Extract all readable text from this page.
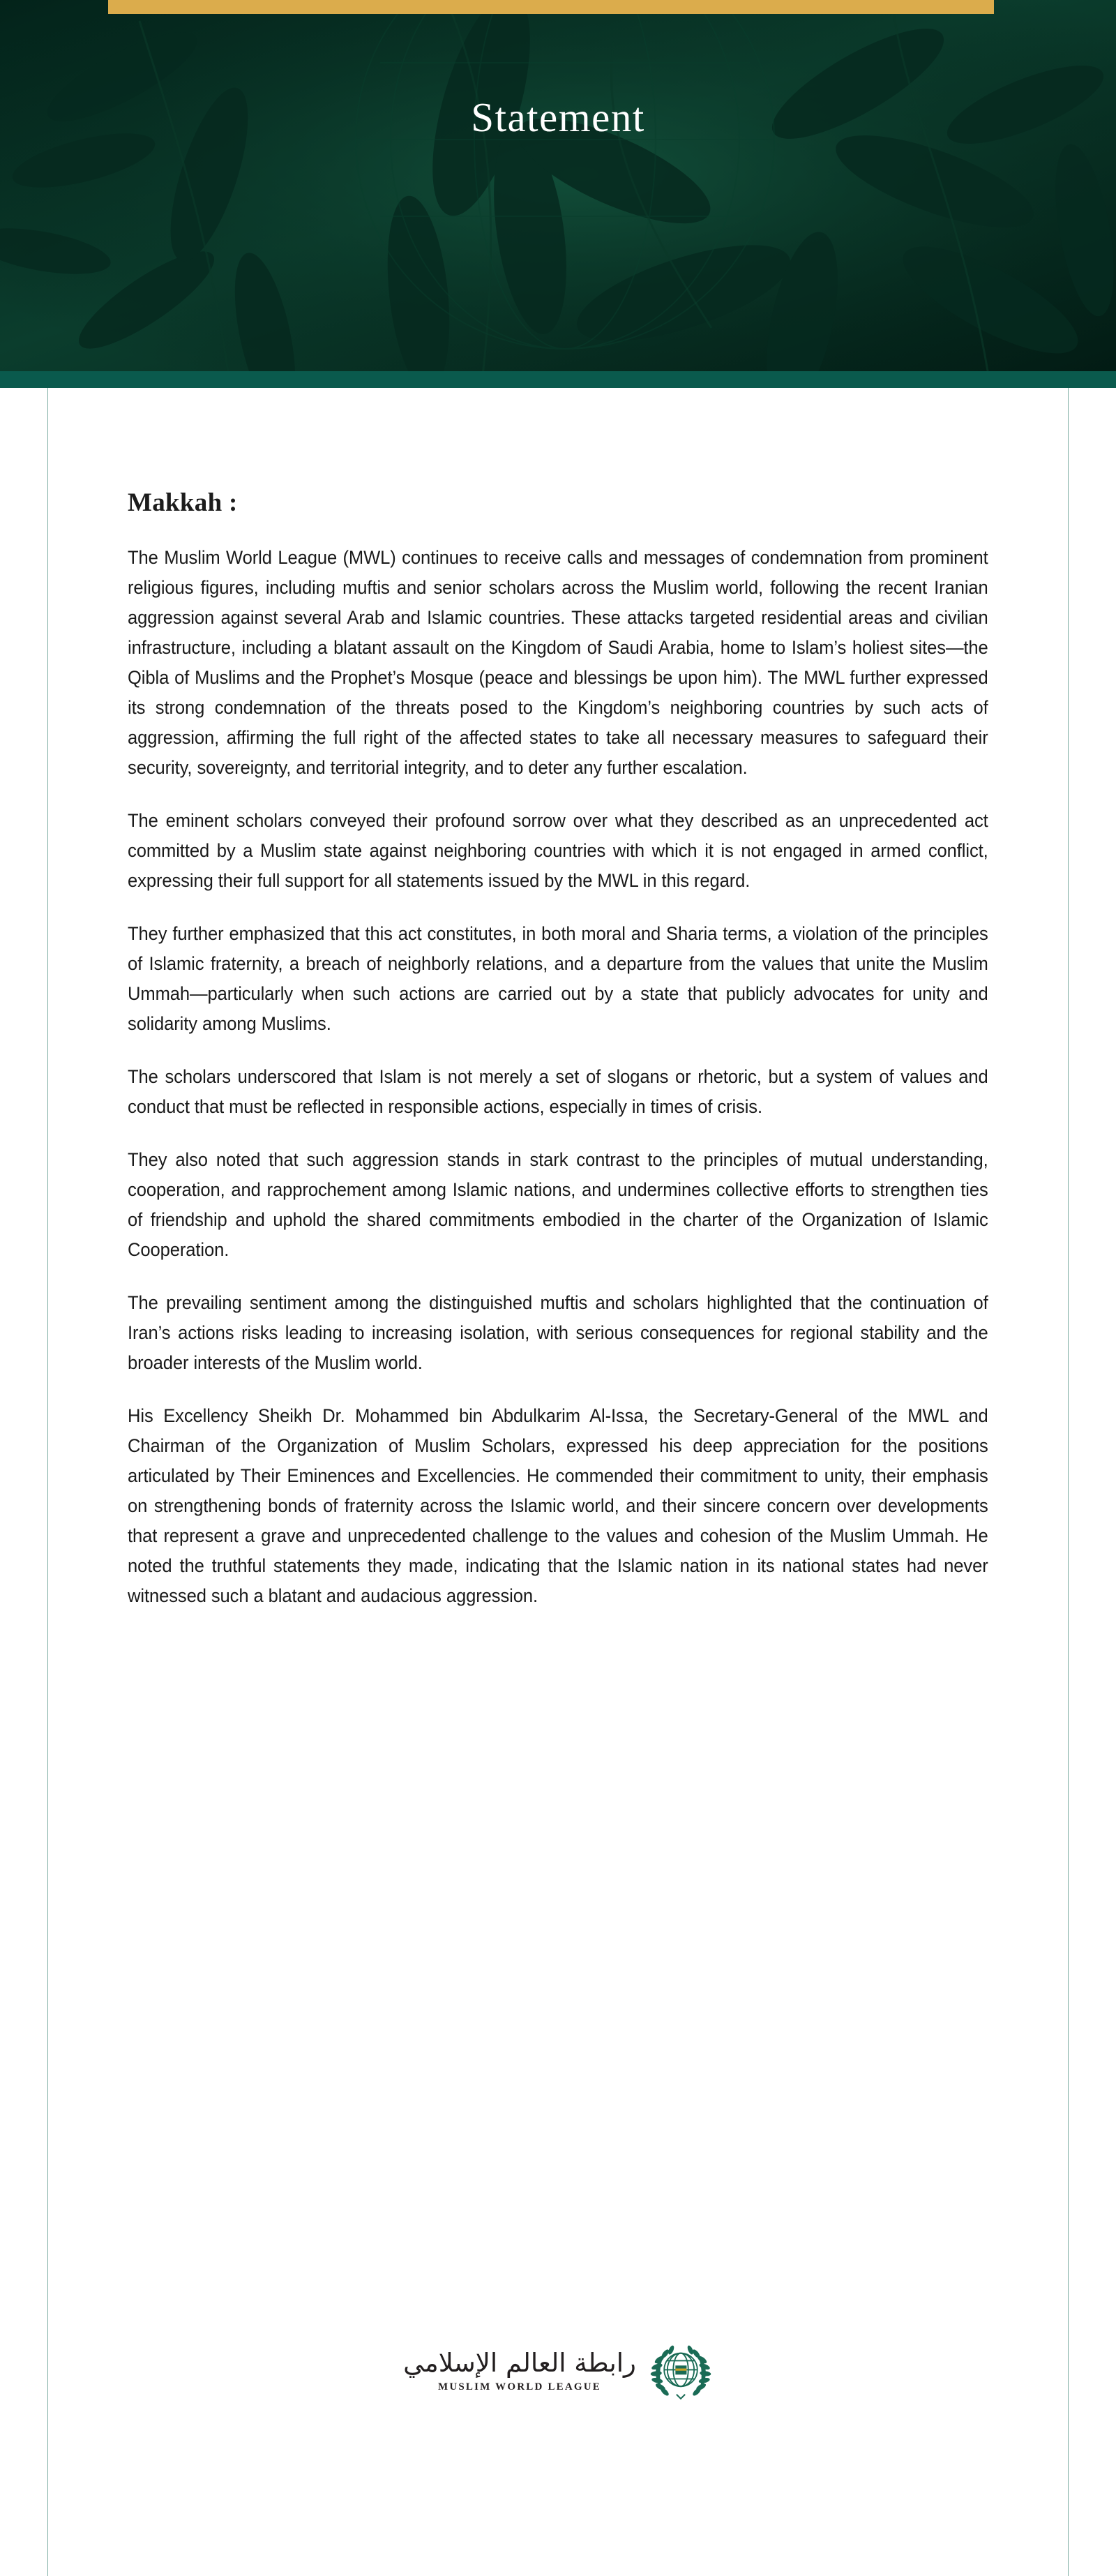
Statement
Makkah :

The Muslim World League (MWL) continues to receive calls and messages of condemnation from prominent religious figures, including muftis and senior scholars across the Muslim world, following the recent Iranian aggression against several Arab and Islamic countries. These attacks targeted residential areas and civilian infrastructure, including a blatant assault on the Kingdom of Saudi Arabia, home to Islam’s holiest sites—the Qibla of Muslims and the Prophet’s Mosque (peace and blessings be upon him). The MWL further expressed its strong condemnation of the threats posed to the Kingdom’s neighboring countries by such acts of aggression, affirming the full right of the affected states to take all necessary measures to safeguard their security, sovereignty, and territorial integrity, and to deter any further escalation.

The eminent scholars conveyed their profound sorrow over what they described as an unprecedented act committed by a Muslim state against neighboring countries with which it is not engaged in armed conflict, expressing their full support for all statements issued by the MWL in this regard.

They further emphasized that this act constitutes, in both moral and Sharia terms, a violation of the principles of Islamic fraternity, a breach of neighborly relations, and a departure from the values that unite the Muslim Ummah—particularly when such actions are carried out by a state that publicly advocates for unity and solidarity among Muslims.

The scholars underscored that Islam is not merely a set of slogans or rhetoric, but a system of values and conduct that must be reflected in responsible actions, especially in times of crisis.

They also noted that such aggression stands in stark contrast to the principles of mutual understanding, cooperation, and rapprochement among Islamic nations, and undermines collective efforts to strengthen ties of friendship and uphold the shared commitments embodied in the charter of the Organization of Islamic Cooperation.

The prevailing sentiment among the distinguished muftis and scholars highlighted that the continuation of Iran’s actions risks leading to increasing isolation, with serious consequences for regional stability and the broader interests of the Muslim world.

His Excellency Sheikh Dr. Mohammed bin Abdulkarim Al-Issa, the Secretary-General of the MWL and Chairman of the Organization of Muslim Scholars, expressed his deep appreciation for the positions articulated by Their Eminences and Excellencies. He commended their commitment to unity, their emphasis on strengthening bonds of fraternity across the Islamic world, and their sincere concern over developments that represent a grave and unprecedented challenge to the values and cohesion of the Muslim Ummah. He noted the truthful statements they made, indicating that the Islamic nation in its national states had never witnessed such a blatant and audacious aggression.

رابطة العالم الإسلامي
MUSLIM WORLD LEAGUE
